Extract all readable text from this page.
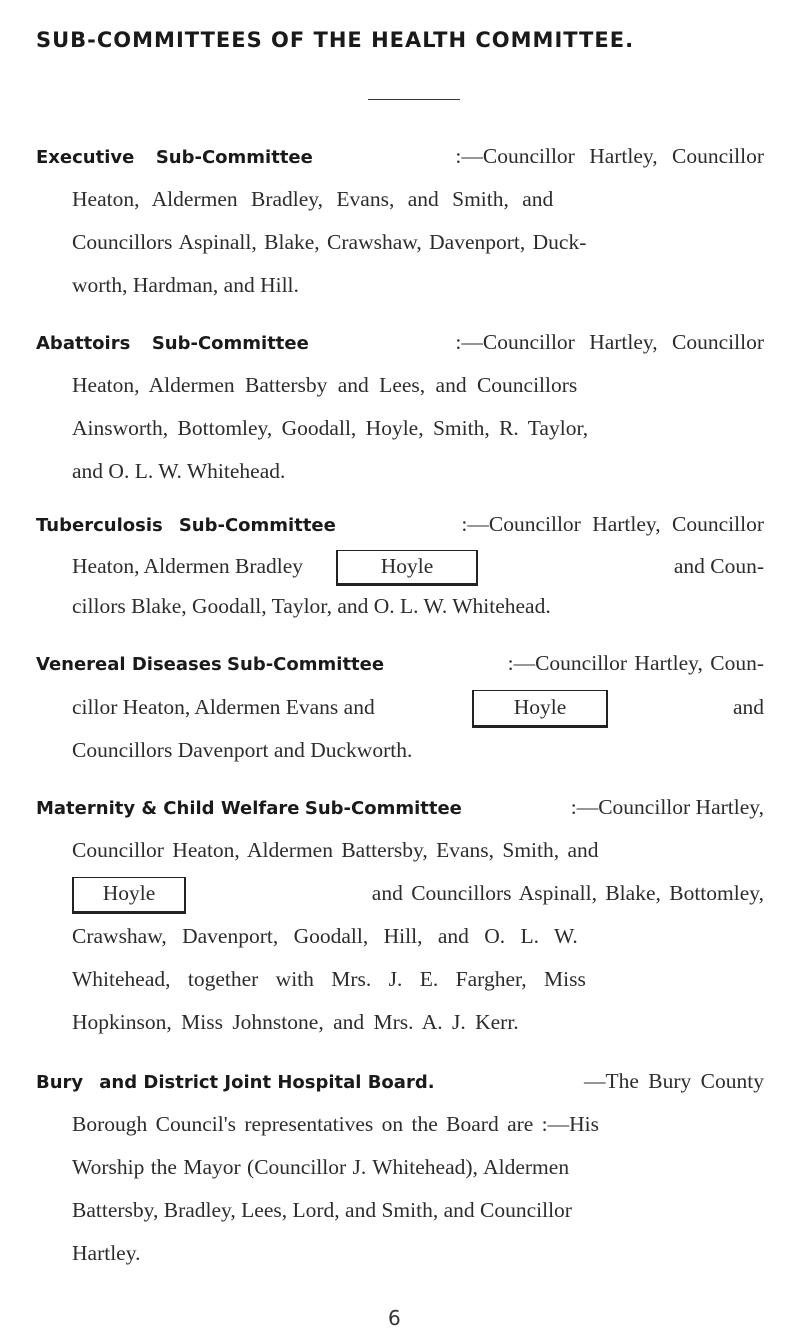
SUB-COMMITTEES OF THE HEALTH COMMITTEE.
Executive Sub-Committee	:—Councillor Hartley, Councillor
Heaton, Aldermen Bradley, Evans, and Smith, and
Councillors Aspinall, Blake, Crawshaw, Davenport, Duck-
worth, Hardman, and Hill.
Abattoirs Sub-Committee	:—Councillor Hartley, Councillor
Heaton, Aldermen Battersby and Lees, and Councillors
Ainsworth, Bottomley, Goodall, Hoyle, Smith, R. Taylor,
and O. L. W. Whitehead.
Tuberculosis Sub-Committee	:—Councillor Hartley, Councillor
Heaton, Aldermen Bradley	Hoyle	and Coun-
cillors Blake, Goodall, Taylor, and O. L. W. Whitehead.
Venereal Diseases Sub-Committee	:—Councillor Hartley, Coun-
cillor Heaton, Aldermen Evans and	Hoyle	and
Councillors Davenport and Duckworth.
Maternity & Child Welfare Sub-Committee	:—Councillor Hartley,
Councillor Heaton, Aldermen Battersby, Evans, Smith, and
Hoyle	and Councillors Aspinall, Blake, Bottomley,
Crawshaw, Davenport, Goodall, Hill, and O. L. W.
Whitehead, together with Mrs. J. E. Fargher, Miss
Hopkinson, Miss Johnstone, and Mrs. A. J. Kerr.
Bury and District Joint Hospital Board.	—The Bury County
Borough Council's representatives on the Board are :—His
Worship the Mayor (Councillor J. Whitehead), Aldermen
Battersby, Bradley, Lees, Lord, and Smith, and Councillor
Hartley.
6
